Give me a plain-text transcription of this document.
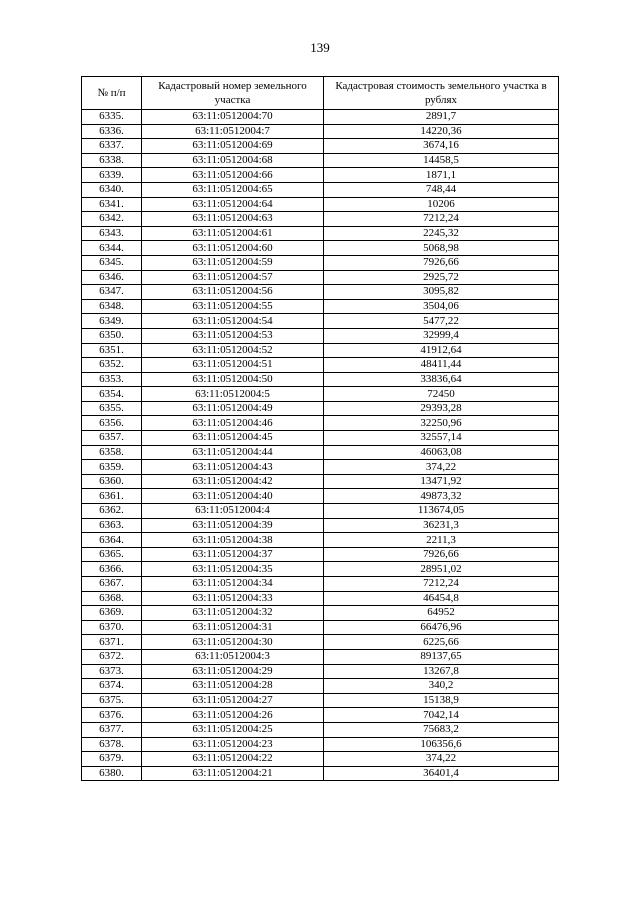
139
№ п/п	Кадастровый номер земельного участка	Кадастровая стоимость земельного участка в рублях
6335.	63:11:0512004:70	2891,7
6336.	63:11:0512004:7	14220,36
6337.	63:11:0512004:69	3674,16
6338.	63:11:0512004:68	14458,5
6339.	63:11:0512004:66	1871,1
6340.	63:11:0512004:65	748,44
6341.	63:11:0512004:64	10206
6342.	63:11:0512004:63	7212,24
6343.	63:11:0512004:61	2245,32
6344.	63:11:0512004:60	5068,98
6345.	63:11:0512004:59	7926,66
6346.	63:11:0512004:57	2925,72
6347.	63:11:0512004:56	3095,82
6348.	63:11:0512004:55	3504,06
6349.	63:11:0512004:54	5477,22
6350.	63:11:0512004:53	32999,4
6351.	63:11:0512004:52	41912,64
6352.	63:11:0512004:51	48411,44
6353.	63:11:0512004:50	33836,64
6354.	63:11:0512004:5	72450
6355.	63:11:0512004:49	29393,28
6356.	63:11:0512004:46	32250,96
6357.	63:11:0512004:45	32557,14
6358.	63:11:0512004:44	46063,08
6359.	63:11:0512004:43	374,22
6360.	63:11:0512004:42	13471,92
6361.	63:11:0512004:40	49873,32
6362.	63:11:0512004:4	113674,05
6363.	63:11:0512004:39	36231,3
6364.	63:11:0512004:38	2211,3
6365.	63:11:0512004:37	7926,66
6366.	63:11:0512004:35	28951,02
6367.	63:11:0512004:34	7212,24
6368.	63:11:0512004:33	46454,8
6369.	63:11:0512004:32	64952
6370.	63:11:0512004:31	66476,96
6371.	63:11:0512004:30	6225,66
6372.	63:11:0512004:3	89137,65
6373.	63:11:0512004:29	13267,8
6374.	63:11:0512004:28	340,2
6375.	63:11:0512004:27	15138,9
6376.	63:11:0512004:26	7042,14
6377.	63:11:0512004:25	75683,2
6378.	63:11:0512004:23	106356,6
6379.	63:11:0512004:22	374,22
6380.	63:11:0512004:21	36401,4
